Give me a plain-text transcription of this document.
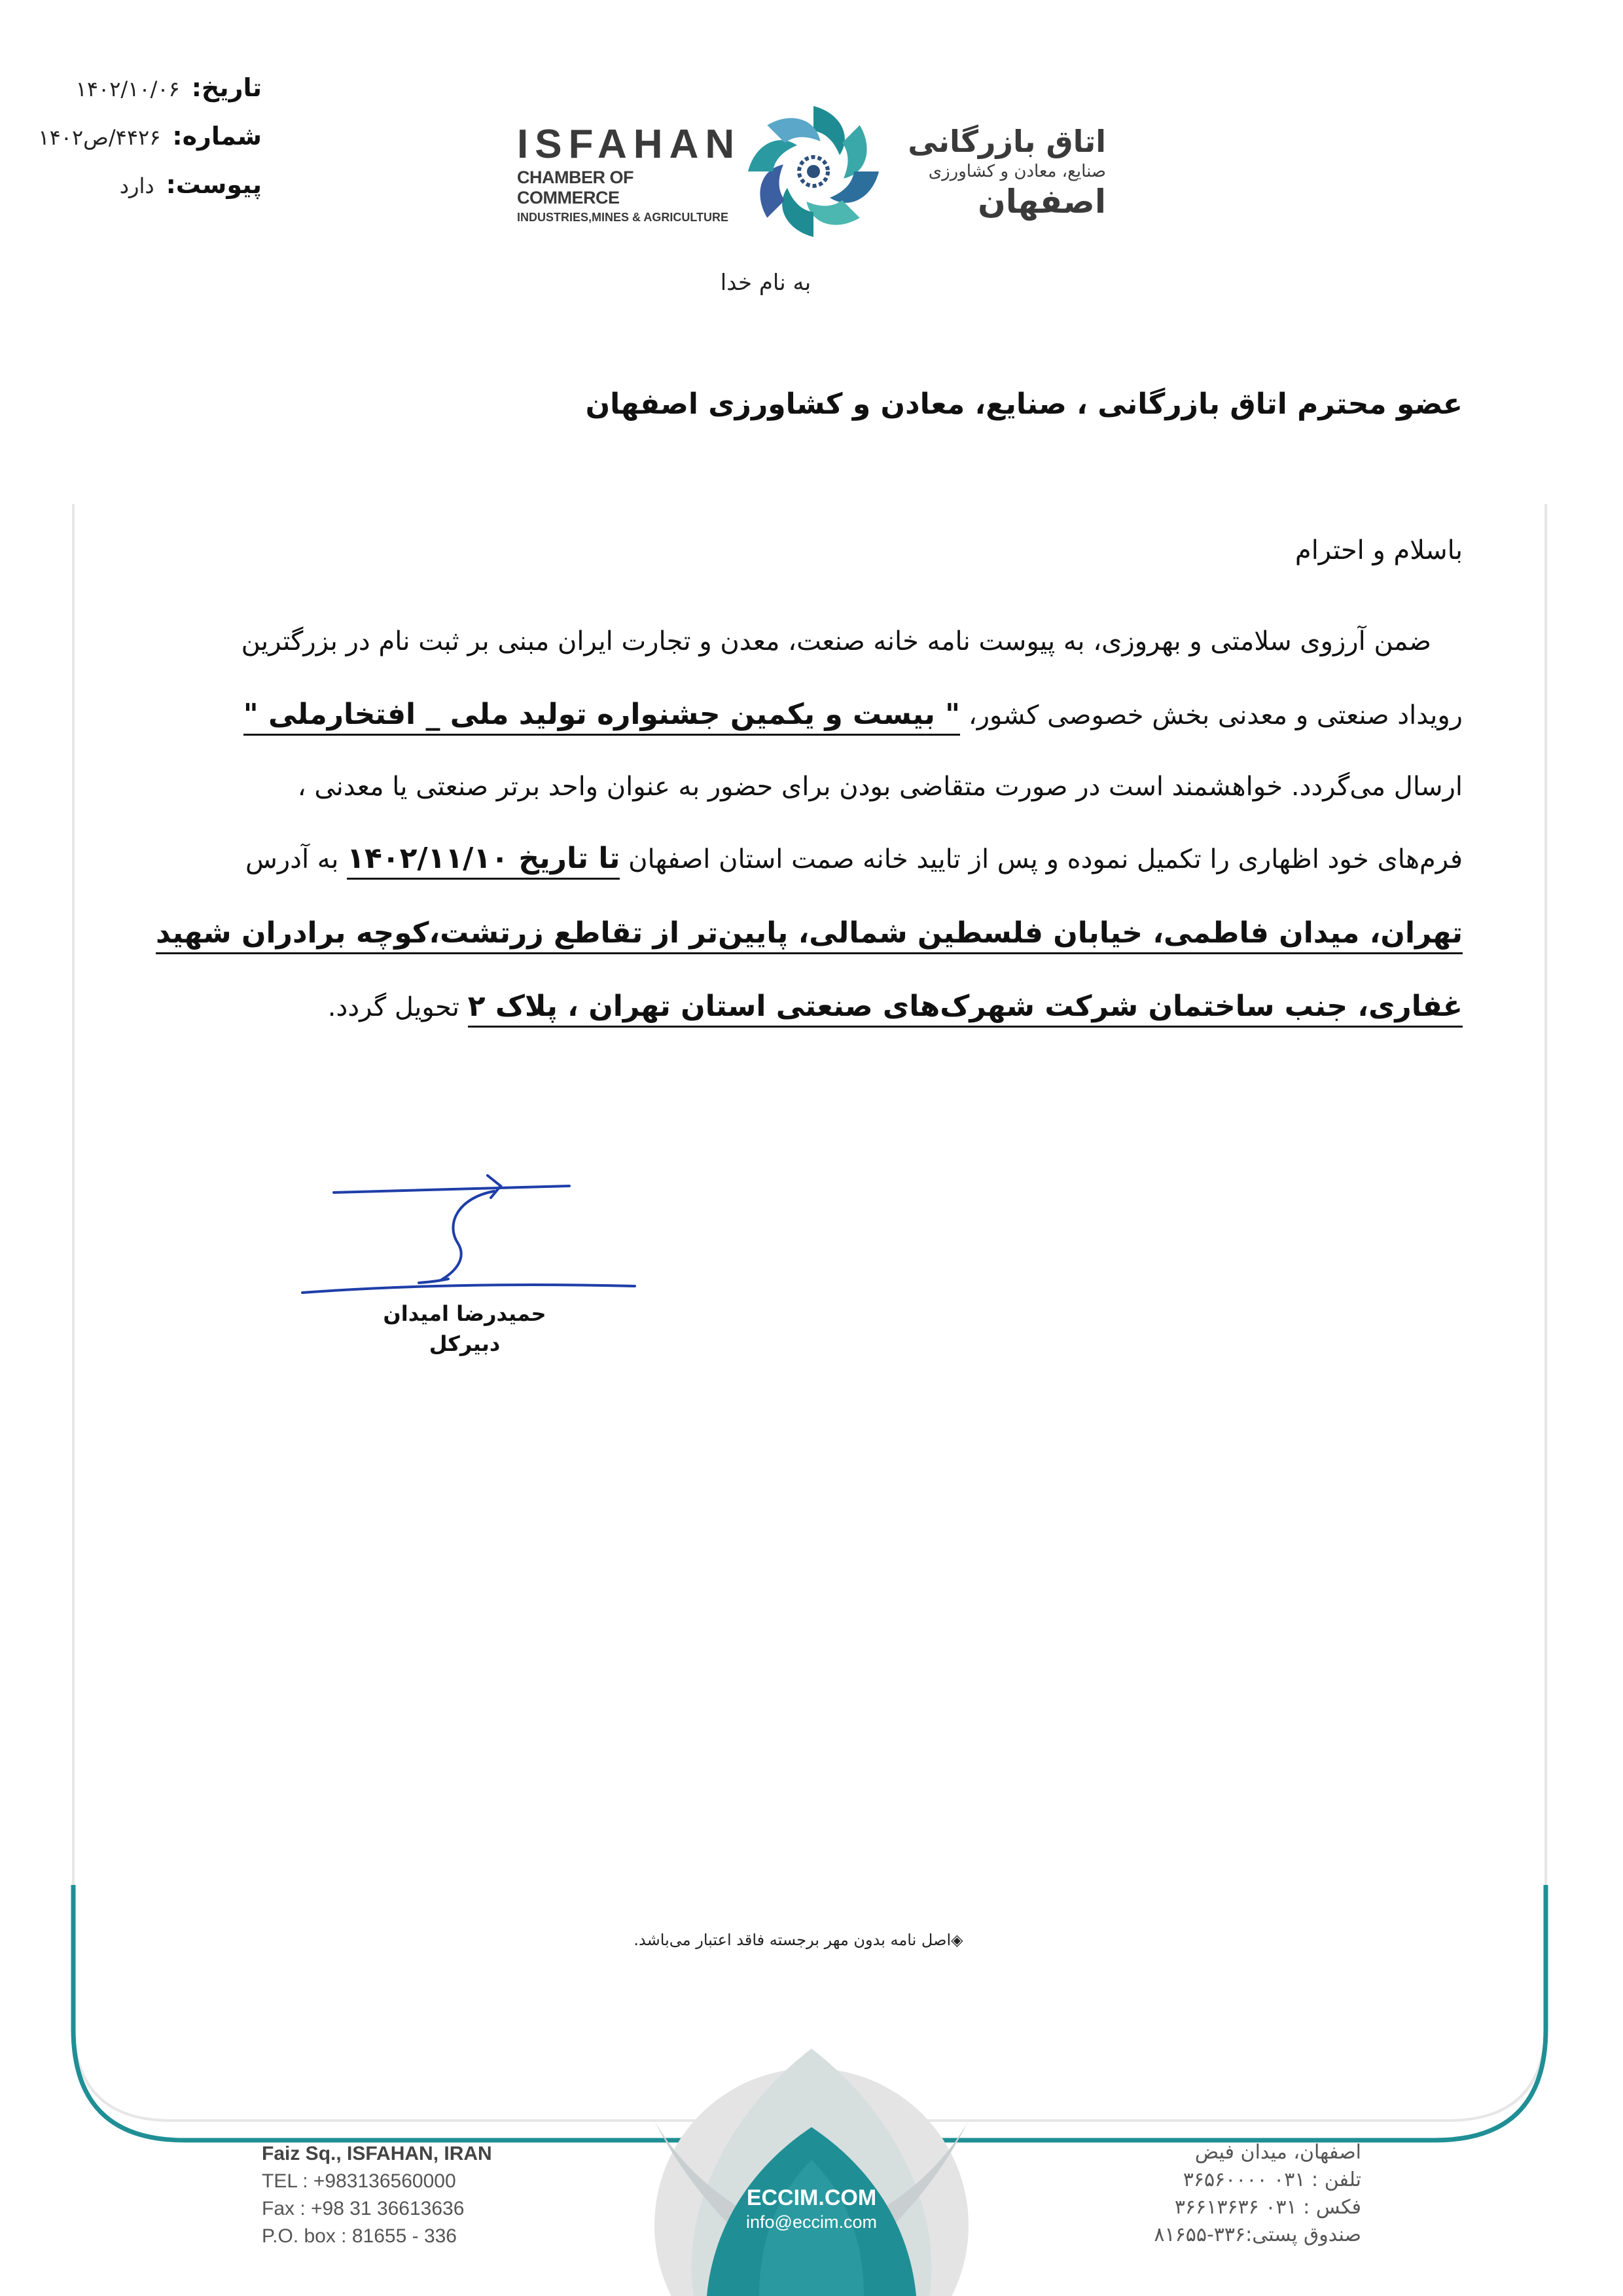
تاریخ:
۱۴۰۲/۱۰/۰۶
شماره:
۴۴۲۶/ص۱۴۰۲
پیوست:
دارد
ISFAHAN
CHAMBER OF COMMERCE
INDUSTRIES,MINES & AGRICULTURE
اتاق بازرگانی
صنایع، معادن و کشاورزی
اصفهان
به نام خدا
عضو محترم اتاق بازرگانی ، صنایع، معادن و کشاورزی اصفهان
باسلام و احترام
ضمن آرزوی سلامتی و بهروزی، به پیوست نامه خانه صنعت، معدن و تجارت ایران مبنی بر ثبت نام در بزرگترین
رویداد صنعتی و معدنی بخش خصوصی کشور، " بیست و یکمین جشنواره تولید ملی _ افتخارملی "
ارسال می‌گردد. خواهشمند است در صورت متقاضی بودن برای حضور به عنوان واحد برتر صنعتی یا معدنی ،
فرم‌های خود اظهاری را تکمیل نموده و پس از تایید خانه صمت استان اصفهان تا تاریخ ۱۴۰۲/۱۱/۱۰ به آدرس
تهران، میدان فاطمی، خیابان فلسطین شمالی، پایین‌تر از تقاطع زرتشت،کوچه برادران شهید
غفاری، جنب ساختمان شرکت شهرک‌های صنعتی استان تهران ، پلاک ۲ تحویل گردد.
حمیدرضا امیدان
دبیرکل
◈اصل نامه بدون مهر برجسته فاقد اعتبار می‌باشد.
Faiz Sq., ISFAHAN, IRAN
TEL : +983136560000
Fax : +98 31 36613636
P.O. box : 81655 - 336
ECCIM.COM
info@eccim.com
اصفهان، میدان فیض
تلفن : ۰۳۱ ۳۶۵۶۰۰۰۰
فکس : ۰۳۱ ۳۶۶۱۳۶۳۶
صندوق پستی:۳۳۶-۸۱۶۵۵
